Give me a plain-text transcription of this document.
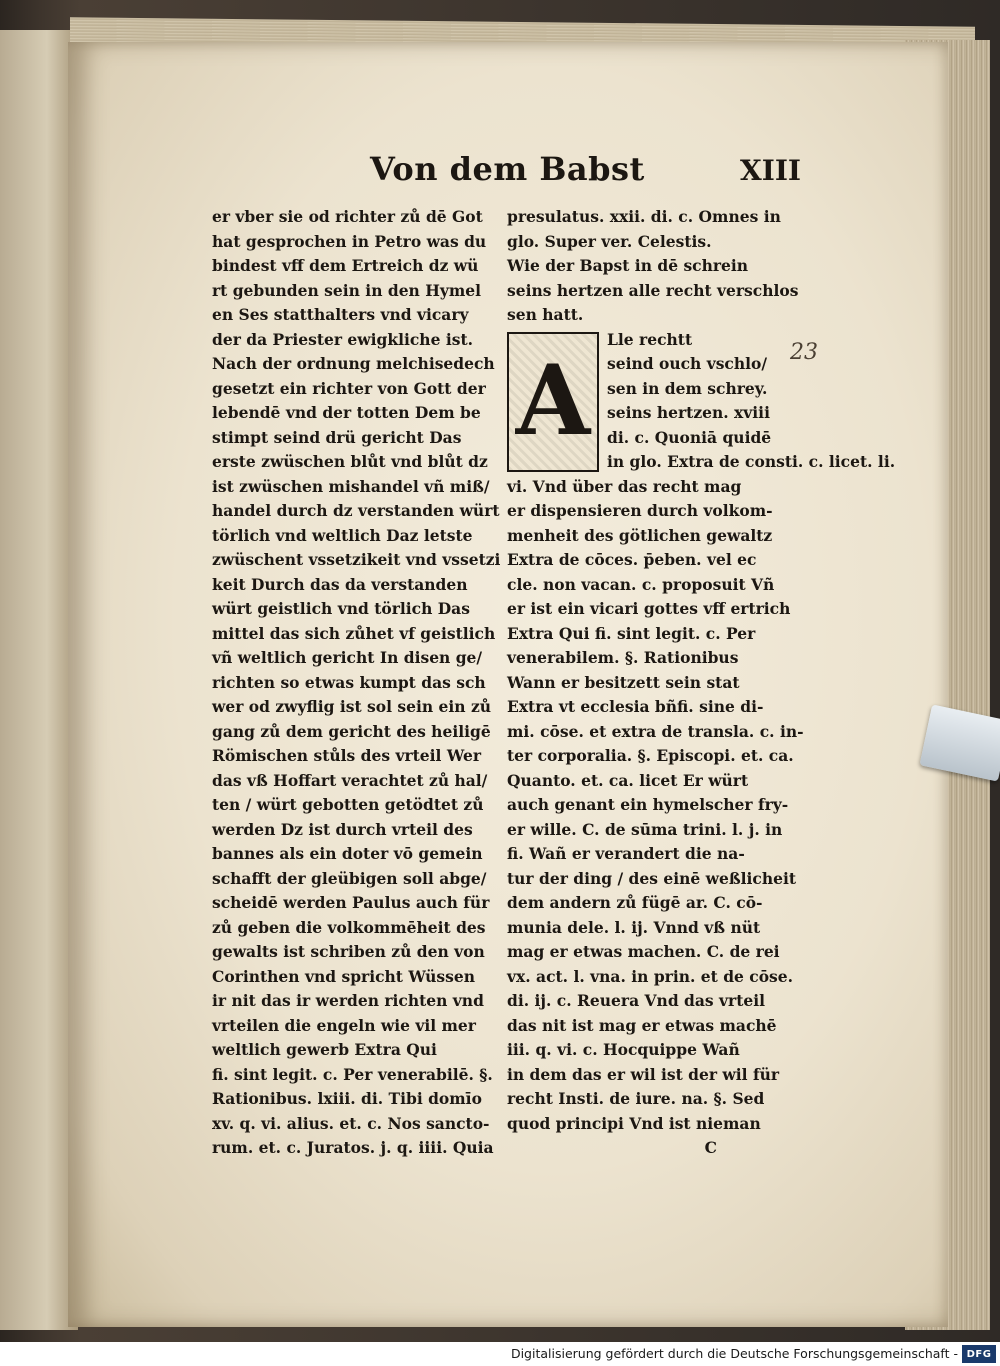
Von dem Babst	XIII
23
er vber sie od richter zů dē Got
hat gesprochen in Petro was du
bindest vff dem Ertreich dz wü
rt gebunden sein in den Hymel
en Ses statthalters vnd vicary
der da Priester ewigkliche ist.
Nach der ordnung melchisedech
gesetzt ein richter von Gott der
lebendē vnd der totten Dem be
stimpt seind drü gericht Das
erste zwüschen blůt vnd blůt dz
ist zwüschen mishandel vñ miß/
handel durch dz verstanden würt
törlich vnd weltlich Daz letste
zwüschent vssetzikeit vnd vssetzi
keit Durch das da verstanden
würt geistlich vnd törlich Das
mittel das sich zůhet vf geistlich
vñ weltlich gericht In disen ge/
richten so etwas kumpt das sch
wer od zwyflig ist sol sein ein zů
gang zů dem gericht des heiligē
Römischen stůls des vrteil Wer
das vß Hoffart verachtet zů hal/
ten / würt gebotten getödtet zů
werden Dz ist durch vrteil des
bannes als ein doter vō gemein
schafft der gleübigen soll abge/
scheidē werden Paulus auch für
zů geben die volkommēheit des
gewalts ist schriben zů den von
Corinthen vnd spricht Wüssen
ir nit das ir werden richten vnd
vrteilen die engeln wie vil mer
weltlich gewerb Extra Qui
fi. sint legit. c. Per venerabilē. §.
Rationibus. lxiii. di. Tibi domīo
xv. q. vi. alius. et. c. Nos sancto-
rum. et. c. Juratos. j. q. iiii. Quia
presulatus. xxii. di. c. Omnes in
glo. Super ver. Celestis.
Wie der Bapst in dē schrein
seins hertzen alle recht verschlos
sen hatt.
A
Lle rechtt
seind ouch vschlo/
sen in dem schrey.
seins hertzen. xviii
di. c. Quoniā quidē
in glo. Extra de consti. c. licet. li.
vi. Vnd über das recht mag
er dispensieren durch volkom-
menheit des götlichen gewaltz
Extra de cōces. p̄eben. vel ec
cle. non vacan. c. proposuit Vñ
er ist ein vicari gottes vff ertrich
Extra Qui fi. sint legit. c. Per
venerabilem. §. Rationibus
Wann er besitzett sein stat
Extra vt ecclesia bñfi. sine di-
mi. cōse. et extra de transla. c. in-
ter corporalia. §. Episcopi. et. ca.
Quanto. et. ca. licet Er würt
auch genant ein hymelscher fry-
er wille. C. de sūma trini. l. j. in
fi. Wañ er verandert die na-
tur der ding / des einē weßlicheit
dem andern zů fügē ar. C. cō-
munia dele. l. ij. Vnnd vß nüt
mag er etwas machen. C. de rei
vx. act. l. vna. in prin. et de cōse.
di. ij. c. Reuera Vnd das vrteil
das nit ist mag er etwas machē
iii. q. vi. c. Hocquippe Wañ
in dem das er wil ist der wil für
recht Insti. de iure. na. §. Sed
quod principi Vnd ist nieman
C
Digitalisierung gefördert durch die Deutsche Forschungsgemeinschaft - DFG
